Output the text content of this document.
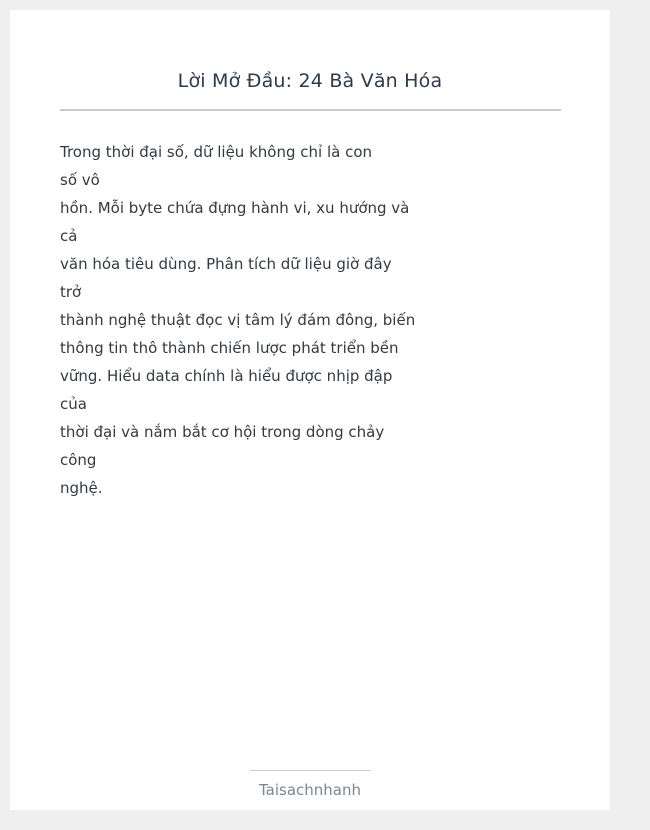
Lời Mở Đầu: 24 Bà Văn Hóa
Trong thời đại số, dữ liệu không chỉ là con
số vô
hồn. Mỗi byte chứa đựng hành vi, xu hướng và
cả
văn hóa tiêu dùng. Phân tích dữ liệu giờ đây
trở
thành nghệ thuật đọc vị tâm lý đám đông, biến
thông tin thô thành chiến lược phát triển bền
vững. Hiểu data chính là hiểu được nhịp đập
của
thời đại và nắm bắt cơ hội trong dòng chảy
công
nghệ.
Taisachnhanh
